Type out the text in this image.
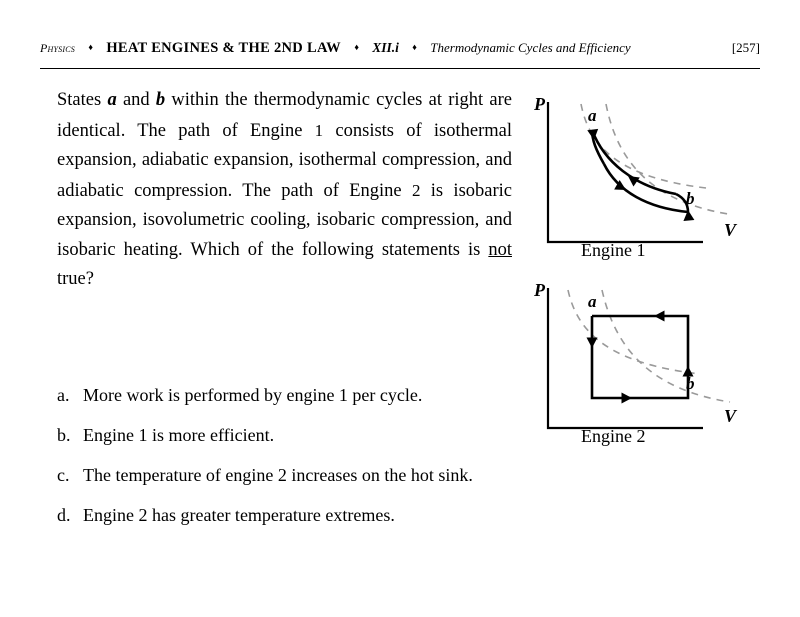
Physics ♦ HEAT ENGINES & THE 2ND LAW ♦ XII.i ♦ Thermodynamic Cycles and Efficiency	[257]
States a and b within the thermodynamic cycles at right are identical. The path of Engine 1 consists of isothermal expansion, adiabatic expansion, isothermal compression, and adiabatic compression. The path of Engine 2 is isobaric expansion, isovolumetric cooling, isobaric compression, and isobaric heating. Which of the following statements is not true?
a. More work is performed by engine 1 per cycle.
b. Engine 1 is more efficient.
c. The temperature of engine 2 increases on the hot sink.
d. Engine 2 has greater temperature extremes.
P
V
a
b
Engine 1
P
V
a
b
Engine 2
